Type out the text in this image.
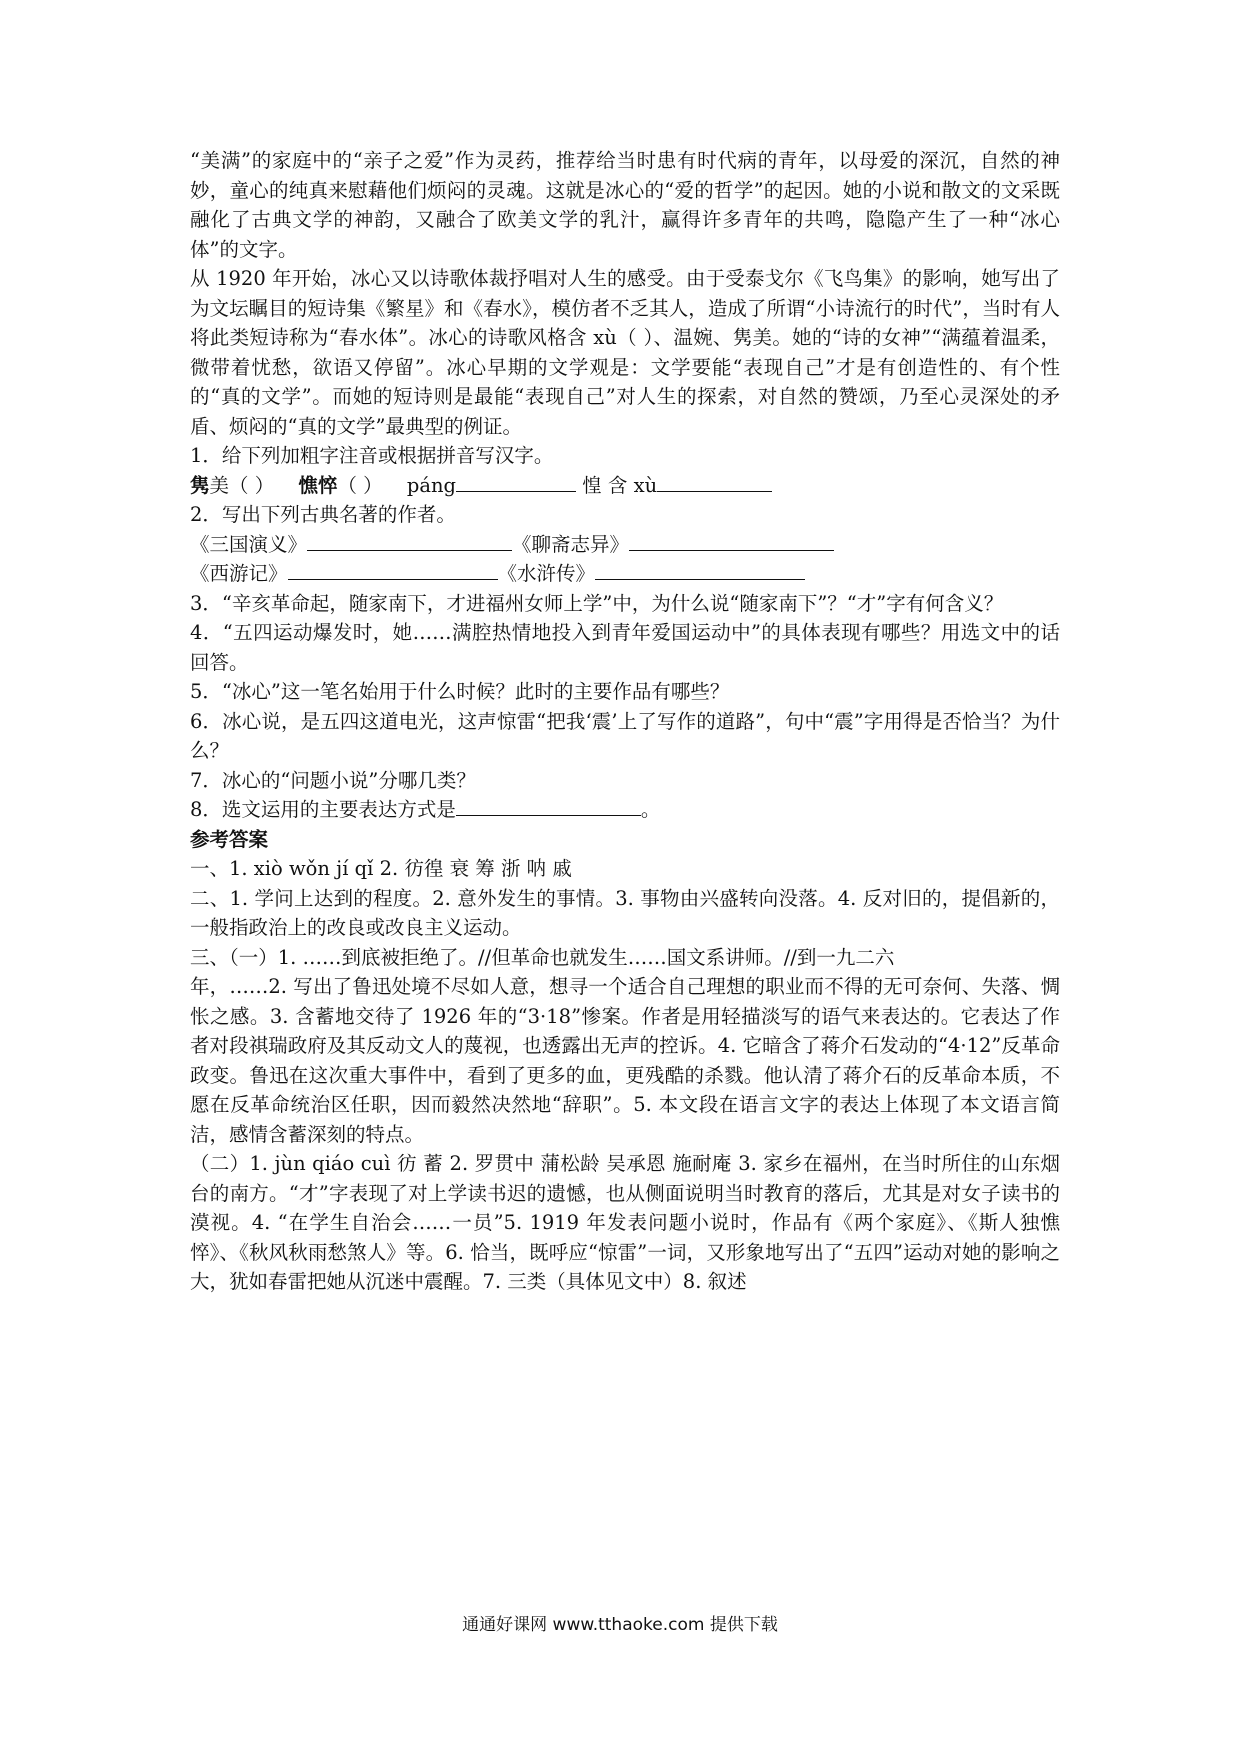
“美满”的家庭中的“亲子之爱”作为灵药，推荐给当时患有时代病的青年，以母爱的深沉，自然的神妙，童心的纯真来慰藉他们烦闷的灵魂。这就是冰心的“爱的哲学”的起因。她的小说和散文的文采既融化了古典文学的神韵，又融合了欧美文学的乳汁，赢得许多青年的共鸣，隐隐产生了一种“冰心体”的文字。

从 1920 年开始，冰心又以诗歌体裁抒唱对人生的感受。由于受泰戈尔《飞鸟集》的影响，她写出了为文坛瞩目的短诗集《繁星》和《春水》，模仿者不乏其人，造成了所谓“小诗流行的时代”，当时有人将此类短诗称为“春水体”。冰心的诗歌风格含 xù（ ）、温婉、隽美。她的“诗的女神”“满蕴着温柔，微带着忧愁，欲语又停留”。冰心早期的文学观是：文学要能“表现自己”才是有创造性的、有个性的“真的文学”。而她的短诗则是最能“表现自己”对人生的探索，对自然的赞颂，乃至心灵深处的矛盾、烦闷的“真的文学”最典型的例证。

1．给下列加粗字注音或根据拼音写汉字。

隽美（ ） 憔悴（ ） páng	惶 含 xù

2．写出下列古典名著的作者。

《三国演义》	《聊斋志异》

《西游记》	《水浒传》

3．“辛亥革命起，随家南下，才进福州女师上学”中，为什么说“随家南下”？“才”字有何含义？

4．“五四运动爆发时，她……满腔热情地投入到青年爱国运动中”的具体表现有哪些？用选文中的话回答。

5．“冰心”这一笔名始用于什么时候？此时的主要作品有哪些？

6．冰心说，是五四这道电光，这声惊雷“把我‘震’上了写作的道路”，句中“震”字用得是否恰当？为什么？

7．冰心的“问题小说”分哪几类？

8．选文运用的主要表达方式是	。

参考答案

一、1. xiò wǒn jí qǐ 2. 彷徨 衰 筹 浙 呐 戚

二、1. 学问上达到的程度。2. 意外发生的事情。3. 事物由兴盛转向没落。4. 反对旧的，提倡新的，一般指政治上的改良或改良主义运动。

三、（一）1. ……到底被拒绝了。//但革命也就发生……国文系讲师。//到一九二六

年，……2. 写出了鲁迅处境不尽如人意，想寻一个适合自己理想的职业而不得的无可奈何、失落、惆怅之感。3. 含蓄地交待了 1926 年的“3·18”惨案。作者是用轻描淡写的语气来表达的。它表达了作者对段祺瑞政府及其反动文人的蔑视，也透露出无声的控诉。4. 它暗含了蒋介石发动的“4·12”反革命政变。鲁迅在这次重大事件中，看到了更多的血，更残酷的杀戮。他认清了蒋介石的反革命本质，不愿在反革命统治区任职，因而毅然决然地“辞职”。5. 本文段在语言文字的表达上体现了本文语言简洁，感情含蓄深刻的特点。

（二）1. jùn qiáo cuì 彷 蓄 2. 罗贯中 蒲松龄 吴承恩 施耐庵 3. 家乡在福州，在当时所住的山东烟台的南方。“才”字表现了对上学读书迟的遗憾，也从侧面说明当时教育的落后，尤其是对女子读书的漠视。4. “在学生自治会……一员”5. 1919 年发表问题小说时，作品有《两个家庭》、《斯人独憔悴》、《秋风秋雨愁煞人》等。6. 恰当，既呼应“惊雷”一词，又形象地写出了“五四”运动对她的影响之大，犹如春雷把她从沉迷中震醒。7. 三类（具体见文中）8. 叙述

通通好课网 www.tthaoke.com 提供下载
